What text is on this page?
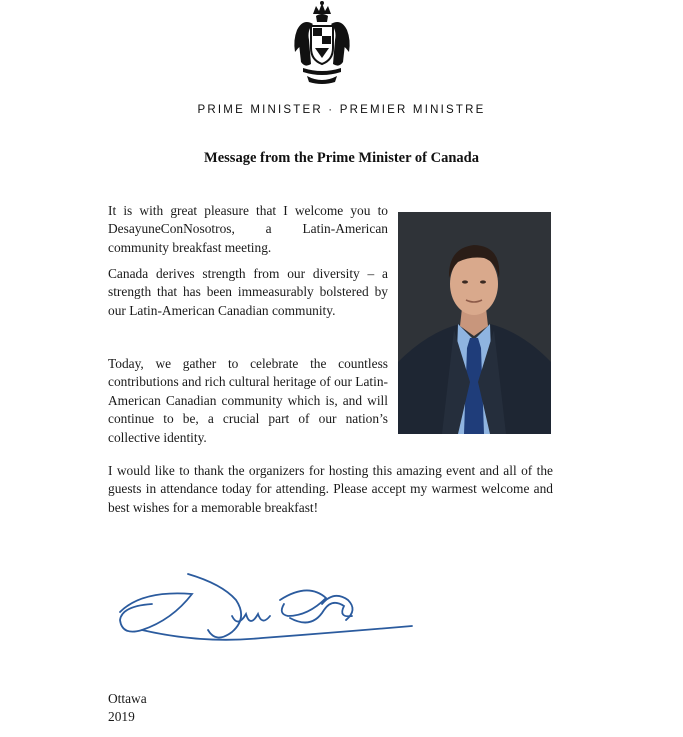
PRIME MINISTER · PREMIER MINISTRE
Message from the Prime Minister of Canada

It is with great pleasure that I welcome you to DesayuneConNosotros, a Latin-American community breakfast meeting.

Canada derives strength from our diversity – a strength that has been immeasurably bolstered by our Latin-American Canadian community.

Today, we gather to celebrate the countless contributions and rich cultural heritage of our Latin-American Canadian community which is, and will continue to be, a crucial part of our nation’s collective identity.

I would like to thank the organizers for hosting this amazing event and all of the guests in attendance today for attending. Please accept my warmest welcome and best wishes for a memorable breakfast!

Ottawa
2019
